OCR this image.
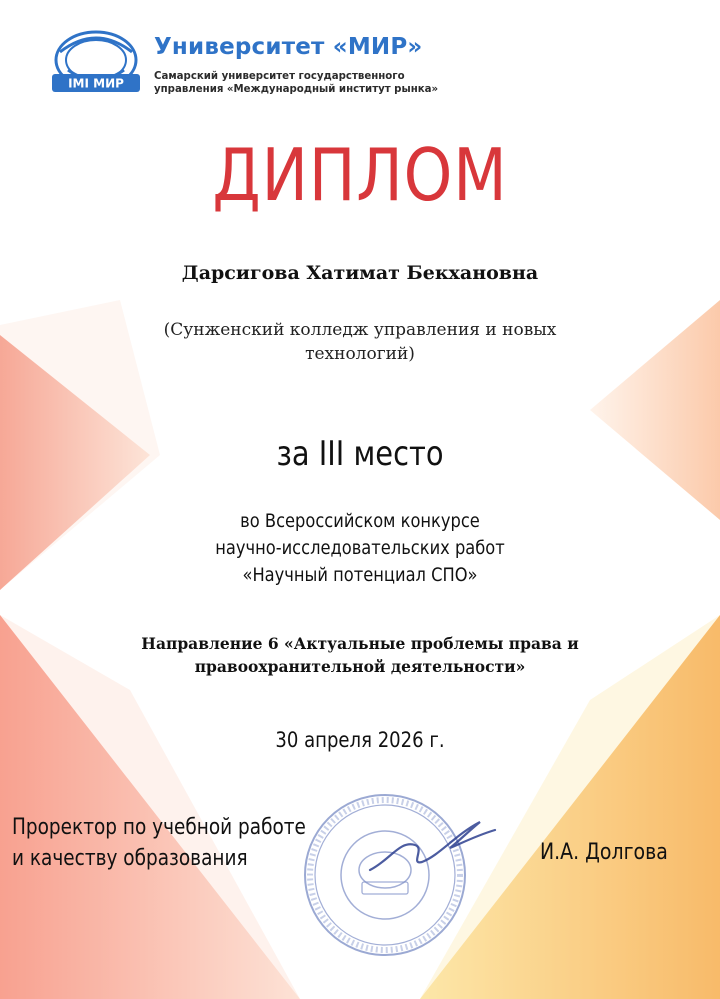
IMI МИР
Университет «МИР»
Самарский университет государственного
управления «Международный институт рынка»
ДИПЛОМ
Дарсигова Хатимат Бекхановна
(Сунженский колледж управления и новых
технологий)
за III место
во Всероссийском конкурсе
научно-исследовательских работ
«Научный потенциал СПО»
Направление 6 «Актуальные проблемы права и
правоохранительной деятельности»
30 апреля 2026 г.
Проректор по учебной работе
и качеству образования	И.А. Долгова
